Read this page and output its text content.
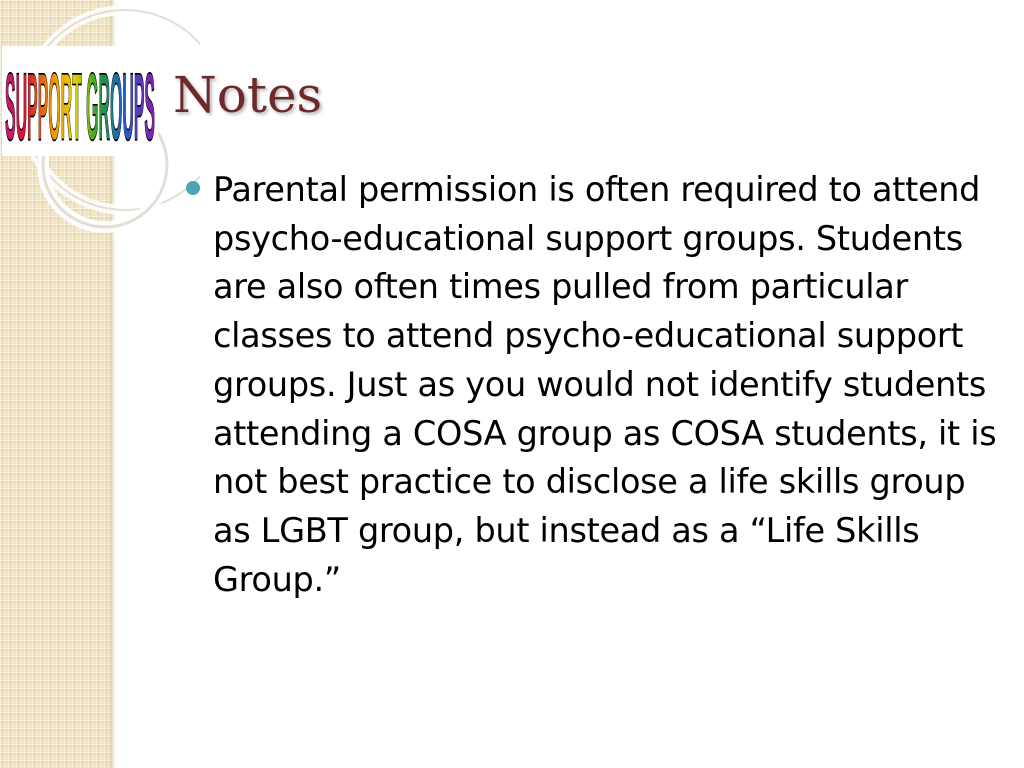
SUPPORT GROUPS Notes
Parental permission is often required to attend psycho-educational support groups. Students are also often times pulled from particular classes to attend psycho-educational support groups. Just as you would not identify students attending a COSA group as COSA students, it is not best practice to disclose a life skills group as LGBT group, but instead as a “Life Skills Group.”
